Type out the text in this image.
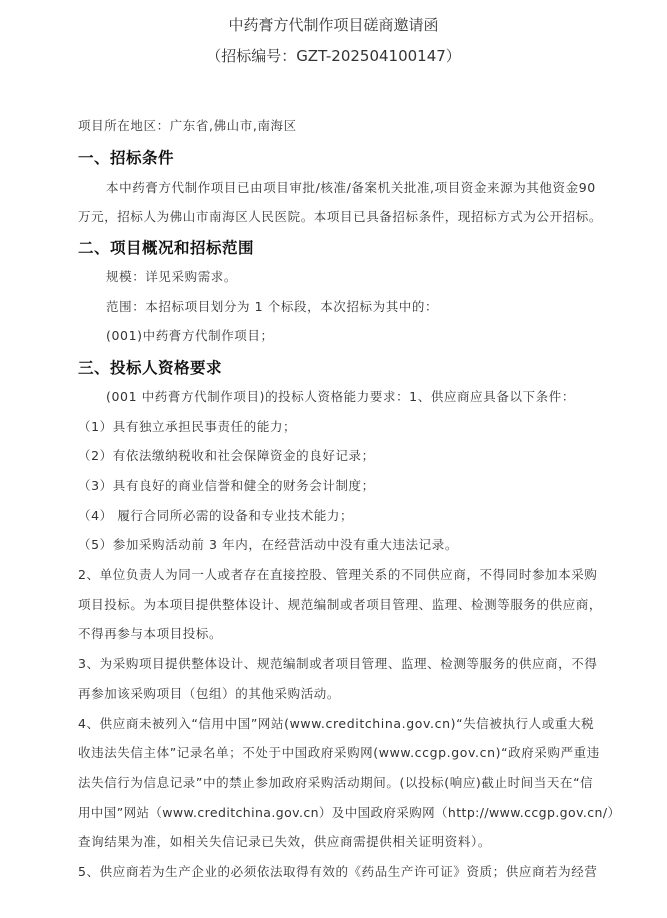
中药膏方代制作项目磋商邀请函
（招标编号：GZT-202504100147）
项目所在地区：广东省,佛山市,南海区
一、招标条件
本中药膏方代制作项目已由项目审批/核准/备案机关批准,项目资金来源为其他资金90
万元，招标人为佛山市南海区人民医院。本项目已具备招标条件，现招标方式为公开招标。
二、项目概况和招标范围
规模：详见采购需求。
范围：本招标项目划分为 1 个标段，本次招标为其中的：
(001)中药膏方代制作项目；
三、投标人资格要求
(001 中药膏方代制作项目)的投标人资格能力要求：1、供应商应具备以下条件：
（1）具有独立承担民事责任的能力；
（2）有依法缴纳税收和社会保障资金的良好记录；
（3）具有良好的商业信誉和健全的财务会计制度；
（4） 履行合同所必需的设备和专业技术能力；
（5）参加采购活动前 3 年内，在经营活动中没有重大违法记录。
2、单位负责人为同一人或者存在直接控股、管理关系的不同供应商，不得同时参加本采购
项目投标。为本项目提供整体设计、规范编制或者项目管理、监理、检测等服务的供应商，
不得再参与本项目投标。
3、为采购项目提供整体设计、规范编制或者项目管理、监理、检测等服务的供应商，不得
再参加该采购项目（包组）的其他采购活动。
4、供应商未被列入“信用中国”网站(www.creditchina.gov.cn)“失信被执行人或重大税
收违法失信主体”记录名单；不处于中国政府采购网(www.ccgp.gov.cn)“政府采购严重违
法失信行为信息记录”中的禁止参加政府采购活动期间。(以投标(响应)截止时间当天在“信
用中国”网站（www.creditchina.gov.cn）及中国政府采购网（http://www.ccgp.gov.cn/）
查询结果为准，如相关失信记录已失效，供应商需提供相关证明资料）。
5、供应商若为生产企业的必须依法取得有效的《药品生产许可证》资质；供应商若为经营
